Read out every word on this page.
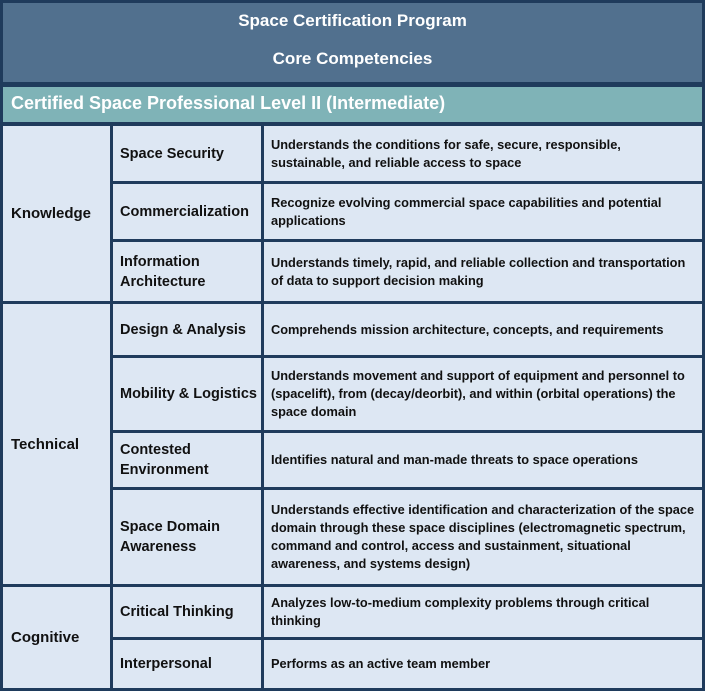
Space Certification Program
Core Competencies
Certified Space Professional Level II (Intermediate)
Knowledge
Space Security
Understands the conditions for safe, secure, responsible, sustainable, and reliable access to space
Commercialization
Recognize evolving commercial space capabilities and potential applications
Information Architecture
Understands timely, rapid, and reliable collection and transportation of data to support decision making
Technical
Design & Analysis	Comprehends mission architecture, concepts, and requirements
Mobility & Logistics
Understands movement and support of equipment and personnel to (spacelift), from (decay/deorbit), and within (orbital operations) the space domain
Contested Environment
Identifies natural and man-made threats to space operations
Space Domain Awareness
Understands effective identification and characterization of the space domain through these space disciplines (electromagnetic spectrum, command and control, access and sustainment, situational awareness, and systems design)
Cognitive
Critical Thinking
Analyzes low-to-medium complexity problems through critical thinking
Interpersonal	Performs as an active team member
